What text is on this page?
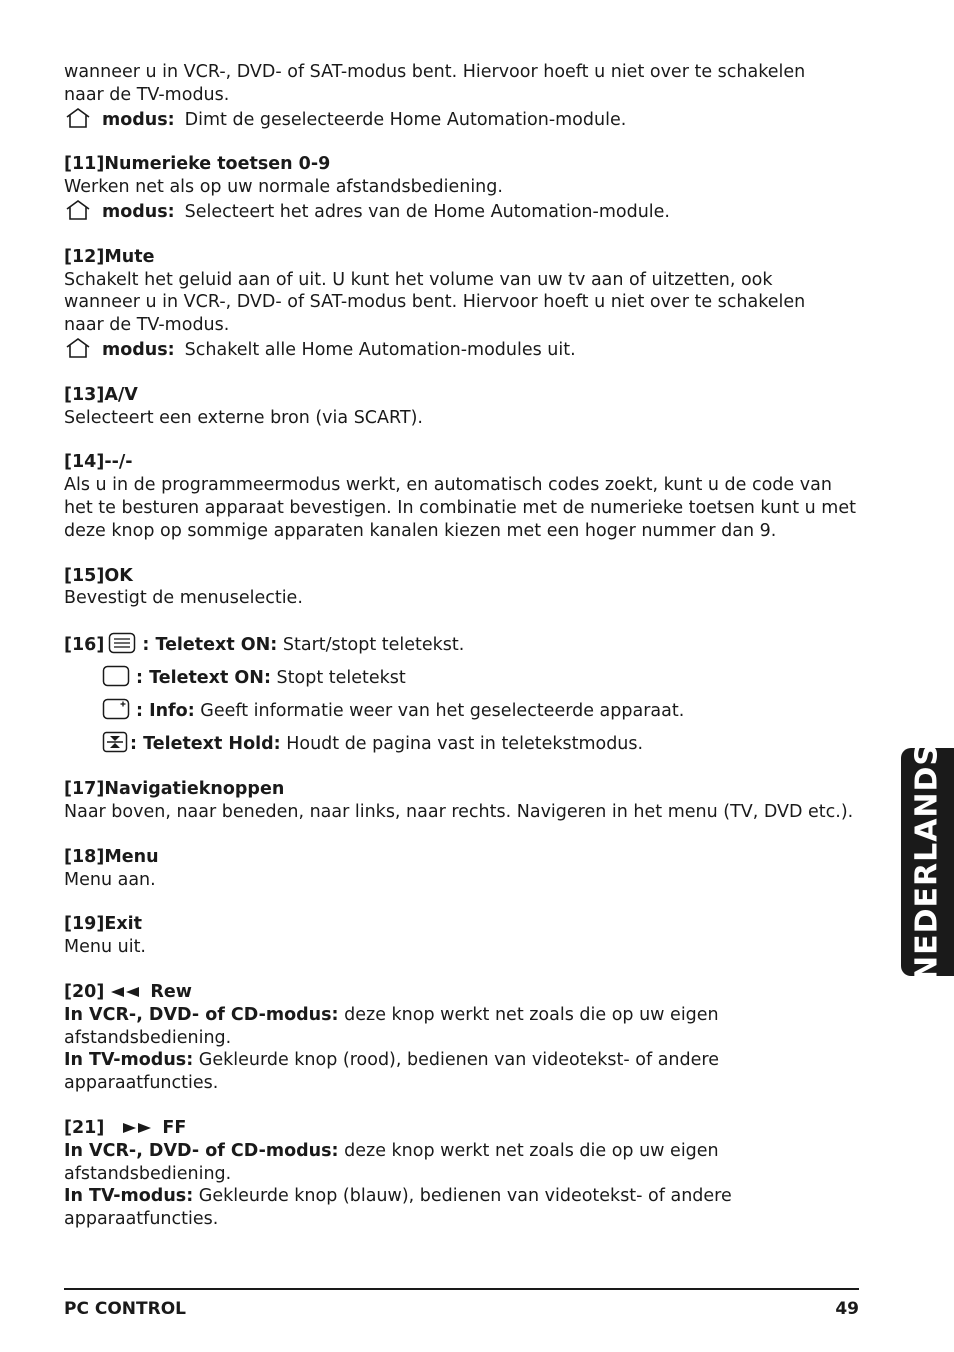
wanneer u in VCR-, DVD- of SAT-modus bent. Hiervoor hoeft u niet over te schakelen naar de TV-modus.

modus: Dimt de geselecteerde Home Automation-module.

[11]Numerieke toetsen 0-9

Werken net als op uw normale afstandsbediening.

modus: Selecteert het adres van de Home Automation-module.

[12]Mute

Schakelt het geluid aan of uit. U kunt het volume van uw tv aan of uitzetten, ook wanneer u in VCR-, DVD- of SAT-modus bent. Hiervoor hoeft u niet over te schakelen naar de TV-modus.

modus: Schakelt alle Home Automation-modules uit.

[13]A/V

Selecteert een externe bron (via SCART).

[14]--/-

Als u in de programmeermodus werkt, en automatisch codes zoekt, kunt u de code van het te besturen apparaat bevestigen. In combinatie met de numerieke toetsen kunt u met deze knop op sommige apparaten kanalen kiezen met een hoger nummer dan 9.

[15]OK

Bevestigt de menuselectie.

[16] : Teletext ON: Start/stopt teletekst.

: Teletext ON: Stopt teletekst

: Info: Geeft informatie weer van het geselecteerde apparaat.

: Teletext Hold: Houdt de pagina vast in teletekstmodus.

[17]Navigatieknoppen

Naar boven, naar beneden, naar links, naar rechts. Navigeren in het menu (TV, DVD etc.).

[18]Menu

Menu aan.

[19]Exit

Menu uit.

[20]	Rew

In VCR-, DVD- of CD-modus: deze knop werkt net zoals die op uw eigen afstandsbediening.

In TV-modus: Gekleurde knop (rood), bedienen van videotekst- of andere apparaatfuncties.

[21]	FF

In VCR-, DVD- of CD-modus: deze knop werkt net zoals die op uw eigen afstandsbediening.

In TV-modus: Gekleurde knop (blauw), bedienen van videotekst- of andere apparaatfuncties.

NEDERLANDS
PC CONTROL	49
